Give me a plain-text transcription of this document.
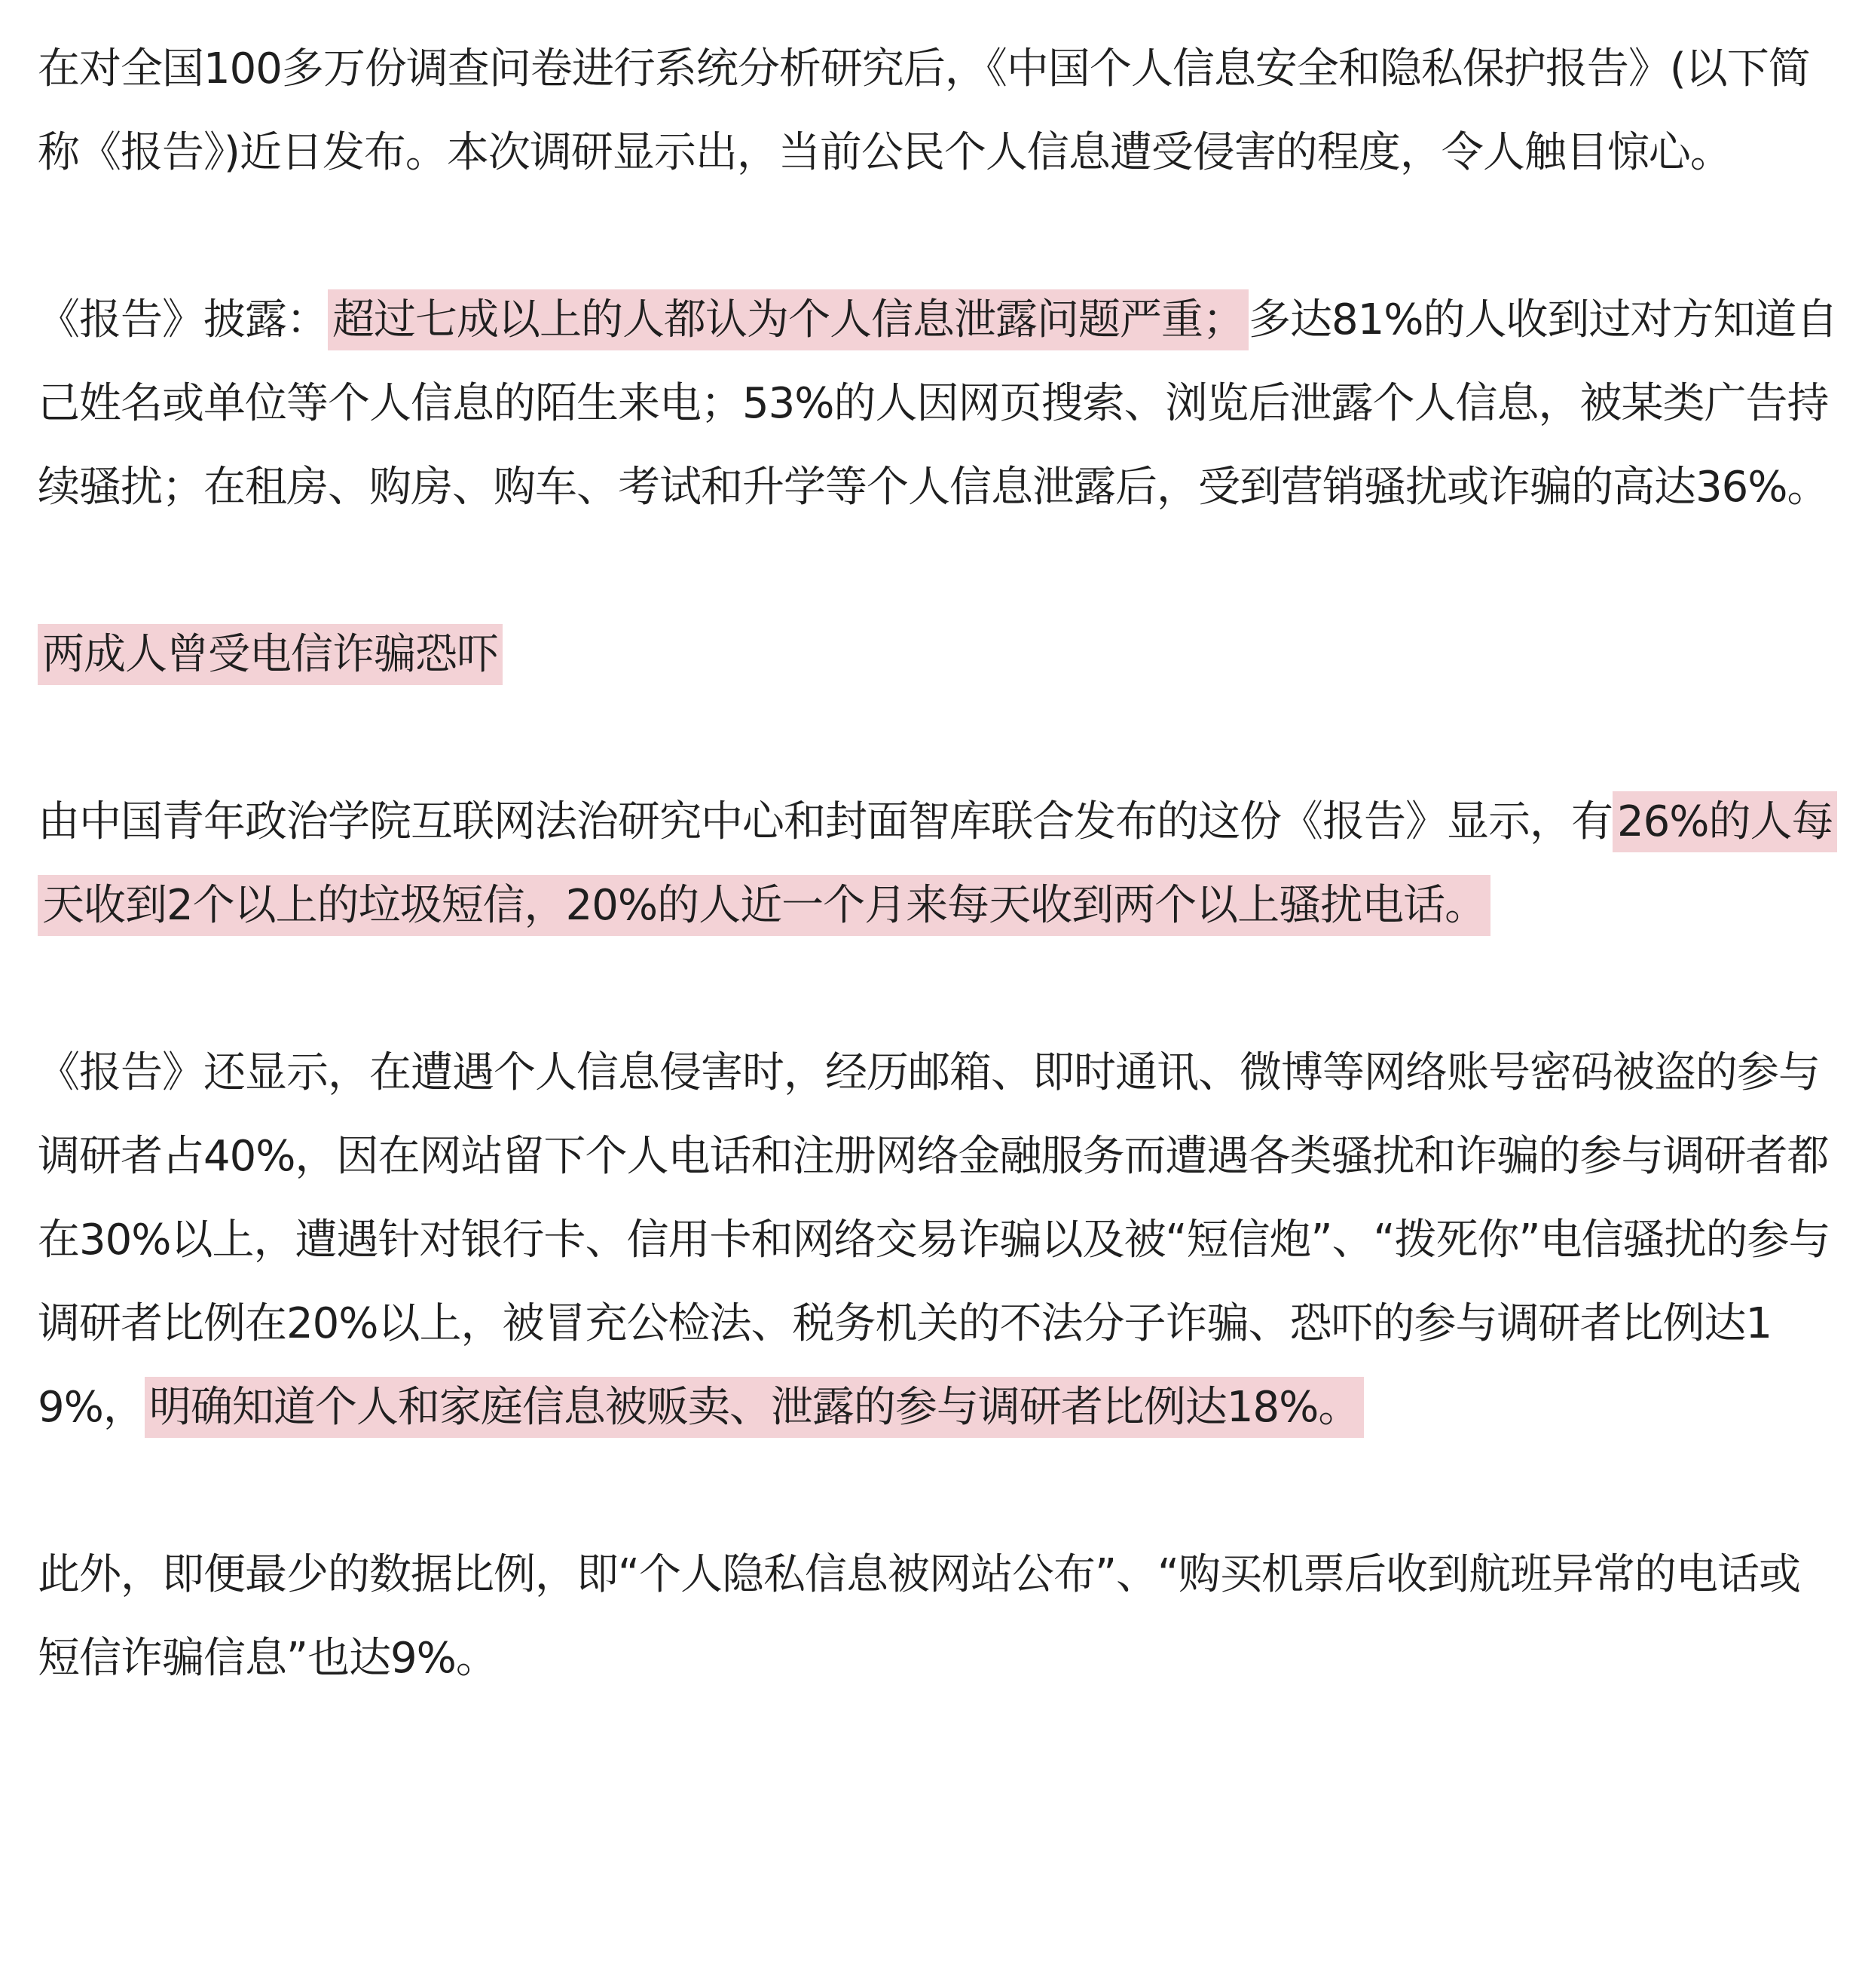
在对全国100多万份调查问卷进行系统分析研究后，《中国个人信息安全和隐私保护报告》(以下简称《报告》)近日发布。本次调研显示出，当前公民个人信息遭受侵害的程度，令人触目惊心。

《报告》披露： 超过七成以上的人都认为个人信息泄露问题严重； 多达81%的人收到过对方知道自己姓名或单位等个人信息的陌生来电；53%的人因网页搜索、浏览后泄露个人信息，被某类广告持续骚扰；在租房、购房、购车、考试和升学等个人信息泄露后，受到营销骚扰或诈骗的高达36%。

两成人曾受电信诈骗恐吓

由中国青年政治学院互联网法治研究中心和封面智库联合发布的这份《报告》显示，有 26%的人每天收到2个以上的垃圾短信，20%的人近一个月来每天收到两个以上骚扰电话。

《报告》还显示，在遭遇个人信息侵害时，经历邮箱、即时通讯、微博等网络账号密码被盗的参与调研者占40%，因在网站留下个人电话和注册网络金融服务而遭遇各类骚扰和诈骗的参与调研者都在30%以上，遭遇针对银行卡、信用卡和网络交易诈骗以及被“短信炮”、“拨死你”电信骚扰的参与调研者比例在20%以上，被冒充公检法、税务机关的不法分子诈骗、恐吓的参与调研者比例达19%， 明确知道个人和家庭信息被贩卖、泄露的参与调研者比例达18%。

此外，即便最少的数据比例，即“个人隐私信息被网站公布”、“购买机票后收到航班异常的电话或短信诈骗信息”也达9%。
